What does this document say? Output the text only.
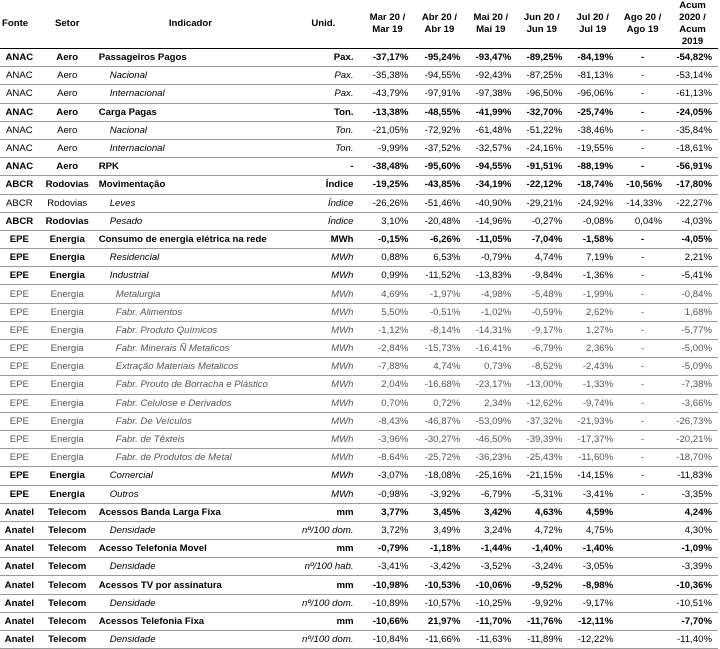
Fonte	Setor	Indicador	Unid.	Mar 20 / Mar 19	Abr 20 / Abr 19	Mai 20 / Mai 19	Jun 20 / Jun 19	Jul 20 / Jul 19	Ago 20 / Ago 19	Acum 2020 / Acum 2019
ANAC	Aero	Passageiros Pagos	Pax.	-37,17%	-95,24%	-93,47%	-89,25%	-84,19%	-	-54,82%
ANAC	Aero	Nacional	Pax.	-35,38%	-94,55%	-92,43%	-87,25%	-81,13%	-	-53,14%
ANAC	Aero	Internacional	Pax.	-43,79%	-97,91%	-97,38%	-96,50%	-96,06%	-	-61,13%
ANAC	Aero	Carga Pagas	Ton.	-13,38%	-48,55%	-41,99%	-32,70%	-25,74%	-	-24,05%
ANAC	Aero	Nacional	Ton.	-21,05%	-72,92%	-61,48%	-51,22%	-38,46%	-	-35,84%
ANAC	Aero	Internacional	Ton.	-9,99%	-37,52%	-32,57%	-24,16%	-19,55%	-	-18,61%
ANAC	Aero	RPK	-	-38,48%	-95,60%	-94,55%	-91,51%	-88,19%	-	-56,91%
ABCR	Rodovias	Movimentação	Índice	-19,25%	-43,85%	-34,19%	-22,12%	-18,74%	-10,56%	-17,80%
ABCR	Rodovias	Leves	Índice	-26,26%	-51,46%	-40,90%	-29,21%	-24,92%	-14,33%	-22,27%
ABCR	Rodovias	Pesado	Índice	3,10%	-20,48%	-14,96%	-0,27%	-0,08%	0,04%	-4,03%
EPE	Energia	Consumo de energia elétrica na rede	MWh	-0,15%	-6,26%	-11,05%	-7,04%	-1,58%	-	-4,05%
EPE	Energia	Residencial	MWh	0,88%	6,53%	-0,79%	4,74%	7,19%	-	2,21%
EPE	Energia	Industrial	MWh	0,99%	-11,52%	-13,83%	-9,84%	-1,36%	-	-5,41%
EPE	Energia	Metalurgia	MWh	4,69%	-1,97%	-4,98%	-5,48%	-1,99%	-	-0,84%
EPE	Energia	Fabr. Alimentos	MWh	5,50%	-0,51%	-1,02%	-0,59%	2,62%	-	1,68%
EPE	Energia	Fabr. Produto Químicos	MWh	-1,12%	-8,14%	-14,31%	-9,17%	1,27%	-	-5,77%
EPE	Energia	Fabr. Minerais Ñ Metalicos	MWh	-2,84%	-15,73%	-16,41%	-6,79%	2,36%	-	-5,00%
EPE	Energia	Extração Materiais Metalicos	MWh	-7,88%	4,74%	0,73%	-8,52%	-2,43%	-	-5,09%
EPE	Energia	Fabr. Prouto de Borracha e Plástico	MWh	2,04%	-16,68%	-23,17%	-13,00%	-1,33%	-	-7,38%
EPE	Energia	Fabr. Celulose e Derivados	MWh	0,70%	0,72%	2,34%	-12,62%	-9,74%	-	-3,66%
EPE	Energia	Fabr. De Veículos	MWh	-8,43%	-46,87%	-53,09%	-37,32%	-21,93%	-	-26,73%
EPE	Energia	Fabr. de Têxteis	MWh	-3,96%	-30,27%	-46,50%	-39,39%	-17,37%	-	-20,21%
EPE	Energia	Fabr. de Produtos de Metal	MWh	-8,64%	-25,72%	-36,23%	-25,43%	-11,60%	-	-18,70%
EPE	Energia	Comercial	MWh	-3,07%	-18,08%	-25,16%	-21,15%	-14,15%	-	-11,83%
EPE	Energia	Outros	MWh	-0,98%	-3,92%	-6,79%	-5,31%	-3,41%	-	-3,35%
Anatel	Telecom	Acessos Banda Larga Fixa	mm	3,77%	3,45%	3,42%	4,63%	4,59%		4,24%
Anatel	Telecom	Densidade	nº/100 dom.	3,72%	3,49%	3,24%	4,72%	4,75%		4,30%
Anatel	Telecom	Acesso Telefonia Movel	mm	-0,79%	-1,18%	-1,44%	-1,40%	-1,40%		-1,09%
Anatel	Telecom	Densidade	nº/100 hab.	-3,41%	-3,42%	-3,52%	-3,24%	-3,05%		-3,39%
Anatel	Telecom	Acessos TV por assinatura	mm	-10,98%	-10,53%	-10,06%	-9,52%	-8,98%		-10,36%
Anatel	Telecom	Densidade	nº/100 dom.	-10,89%	-10,57%	-10,25%	-9,92%	-9,17%		-10,51%
Anatel	Telecom	Acessos Telefonia Fixa	mm	-10,66%	21,97%	-11,70%	-11,76%	-12,11%		-7,70%
Anatel	Telecom	Densidade	nº/100 dom.	-10,84%	-11,66%	-11,63%	-11,89%	-12,22%		-11,40%
